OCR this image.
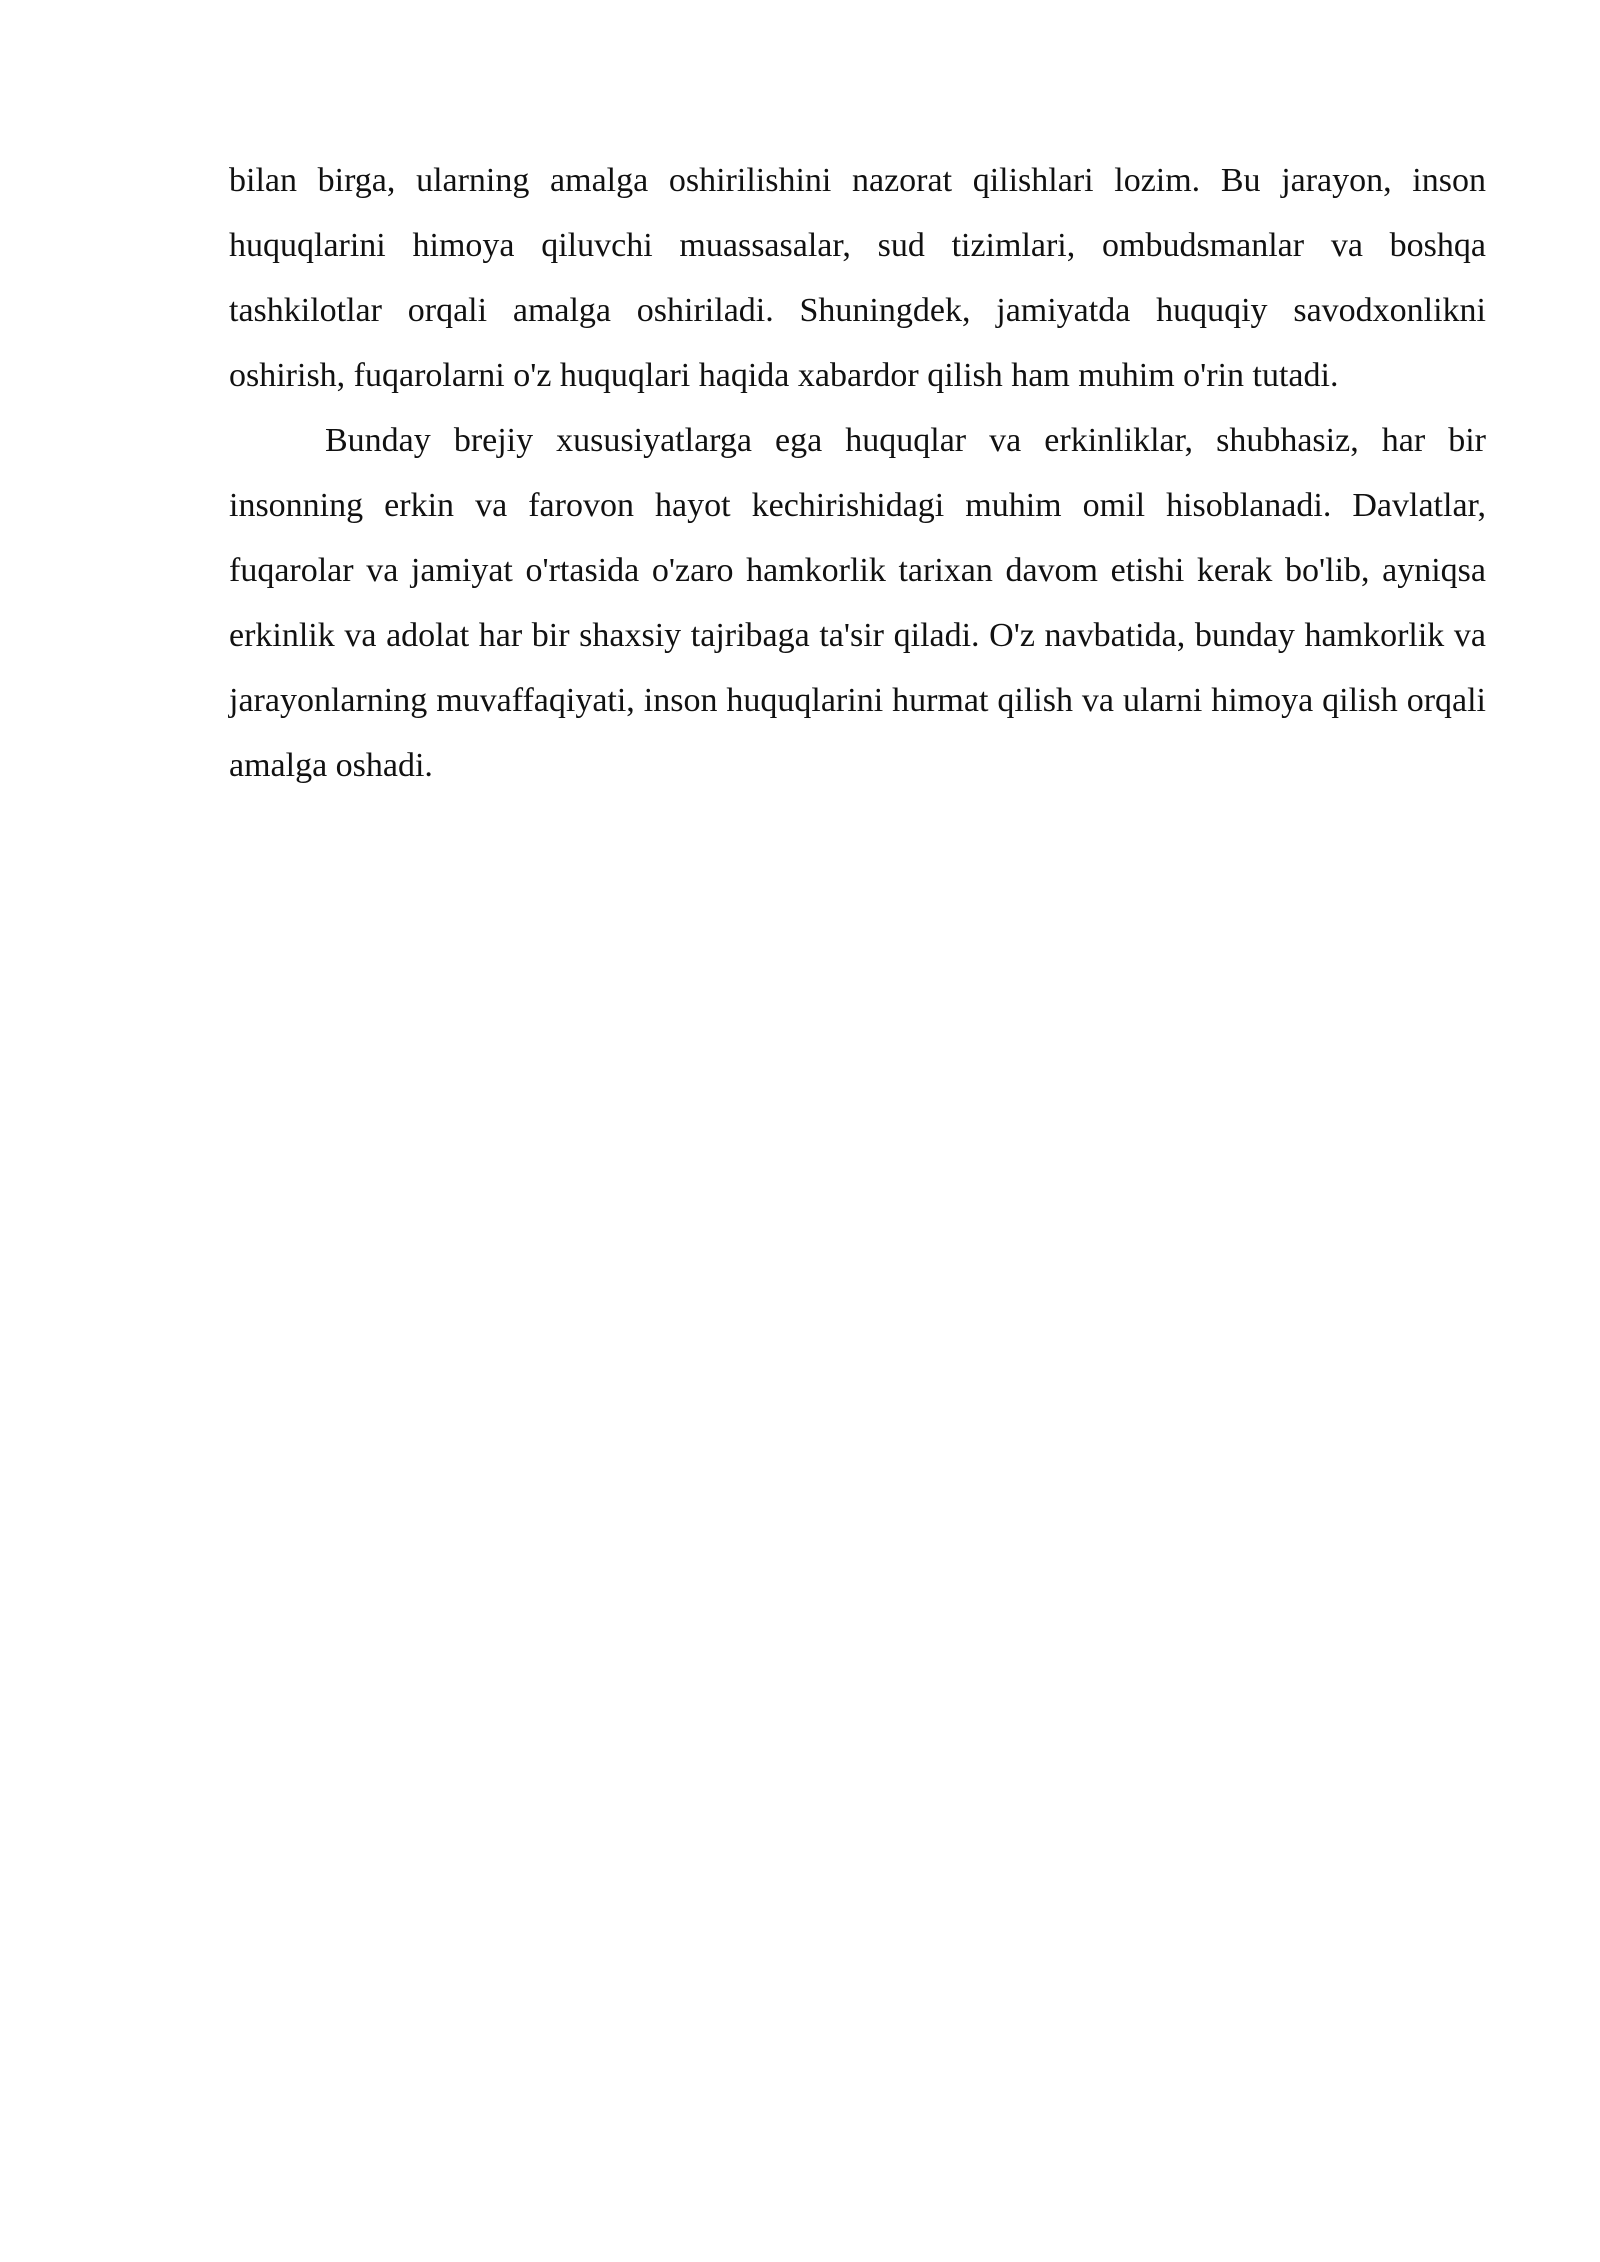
bilan birga, ularning amalga oshirilishini nazorat qilishlari lozim. Bu jarayon, inson huquqlarini himoya qiluvchi muassasalar, sud tizimlari, ombudsmanlar va boshqa tashkilotlar orqali amalga oshiriladi. Shuningdek, jamiyatda huquqiy savodxonlikni oshirish, fuqarolarni o'z huquqlari haqida xabardor qilish ham muhim o'rin tutadi.

Bunday brejiy xususiyatlarga ega huquqlar va erkinliklar, shubhasiz, har bir insonning erkin va farovon hayot kechirishidagi muhim omil hisoblanadi. Davlatlar, fuqarolar va jamiyat o'rtasida o'zaro hamkorlik tarixan davom etishi kerak bo'lib, ayniqsa erkinlik va adolat har bir shaxsiy tajribaga ta'sir qiladi. O'z navbatida, bunday hamkorlik va jarayonlarning muvaffaqiyati, inson huquqlarini hurmat qilish va ularni himoya qilish orqali amalga oshadi.
